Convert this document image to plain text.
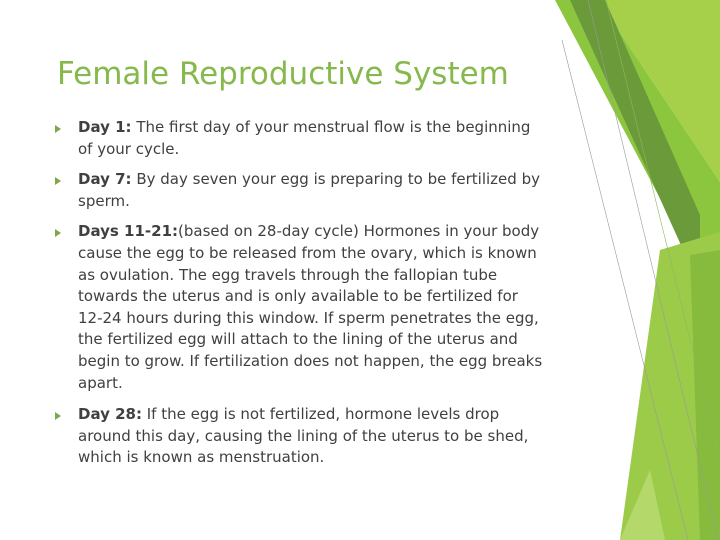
Female Reproductive System
Day 1: The first day of your menstrual flow is the beginning of your cycle.
Day 7: By day seven your egg is preparing to be fertilized by sperm.
Days 11-21:(based on 28-day cycle) Hormones in your body cause the egg to be released from the ovary, which is known as ovulation. The egg travels through the fallopian tube towards the uterus and is only available to be fertilized for 12-24 hours during this window. If sperm penetrates the egg, the fertilized egg will attach to the lining of the uterus and begin to grow. If fertilization does not happen, the egg breaks apart.
Day 28: If the egg is not fertilized, hormone levels drop around this day, causing the lining of the uterus to be shed, which is known as menstruation.
